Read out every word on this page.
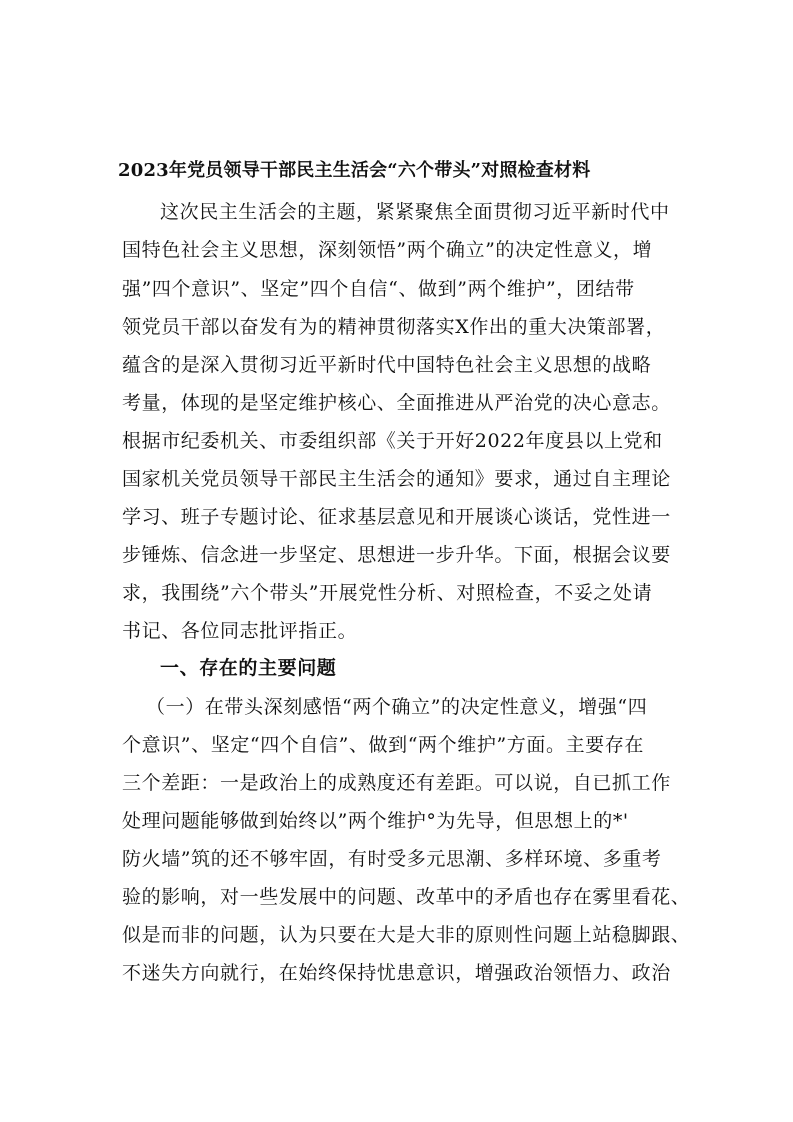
2023年党员领导干部民主生活会“六个带头”对照检查材料
这次民主生活会的主题，紧紧聚焦全面贯彻习近平新时代中
国特色社会主义思想，深刻领悟”两个确立”的决定性意义，增
强”四个意识”、坚定”四个自信“、做到”两个维护”，团结带
领党员干部以奋发有为的精神贯彻落实X作出的重大决策部署，
蕴含的是深入贯彻习近平新时代中国特色社会主义思想的战略
考量，体现的是坚定维护核心、全面推进从严治党的决心意志。
根据市纪委机关、市委组织部《关于开好2022年度县以上党和
国家机关党员领导干部民主生活会的通知》要求，通过自主理论
学习、班子专题讨论、征求基层意见和开展谈心谈话，党性进一
步锤炼、信念进一步坚定、思想进一步升华。下面，根据会议要
求，我围绕”六个带头”开展党性分析、对照检查，不妥之处请
书记、各位同志批评指正。
一、存在的主要问题
（一）在带头深刻感悟“两个确立”的决定性意义，增强“四
个意识”、坚定“四个自信”、做到“两个维护”方面。主要存在
三个差距：一是政治上的成熟度还有差距。可以说，自已抓工作
处理问题能够做到始终以”两个维护°为先导，但思想上的*'
防火墙”筑的还不够牢固，有时受多元思潮、多样环境、多重考
验的影响，对一些发展中的问题、改革中的矛盾也存在雾里看花、
似是而非的问题，认为只要在大是大非的原则性问题上站稳脚跟、
不迷失方向就行，在始终保持忧患意识，增强政治领悟力、政治
